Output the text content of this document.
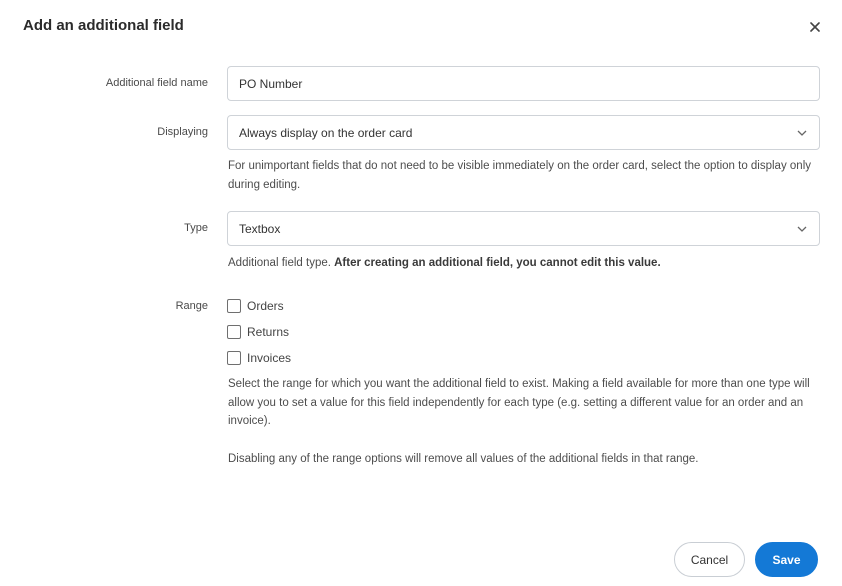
Add an additional field
Additional field name	PO Number
Displaying	Always display on the order card
For unimportant fields that do not need to be visible immediately on the order card, select the option to display only during editing.
Type	Textbox
Additional field type. After creating an additional field, you cannot edit this value.
Range	Orders
Returns
Invoices
Select the range for which you want the additional field to exist. Making a field available for more than one type will allow you to set a value for this field independently for each type (e.g. setting a different value for an order and an invoice).
Disabling any of the range options will remove all values of the additional fields in that range.
Cancel	Save
